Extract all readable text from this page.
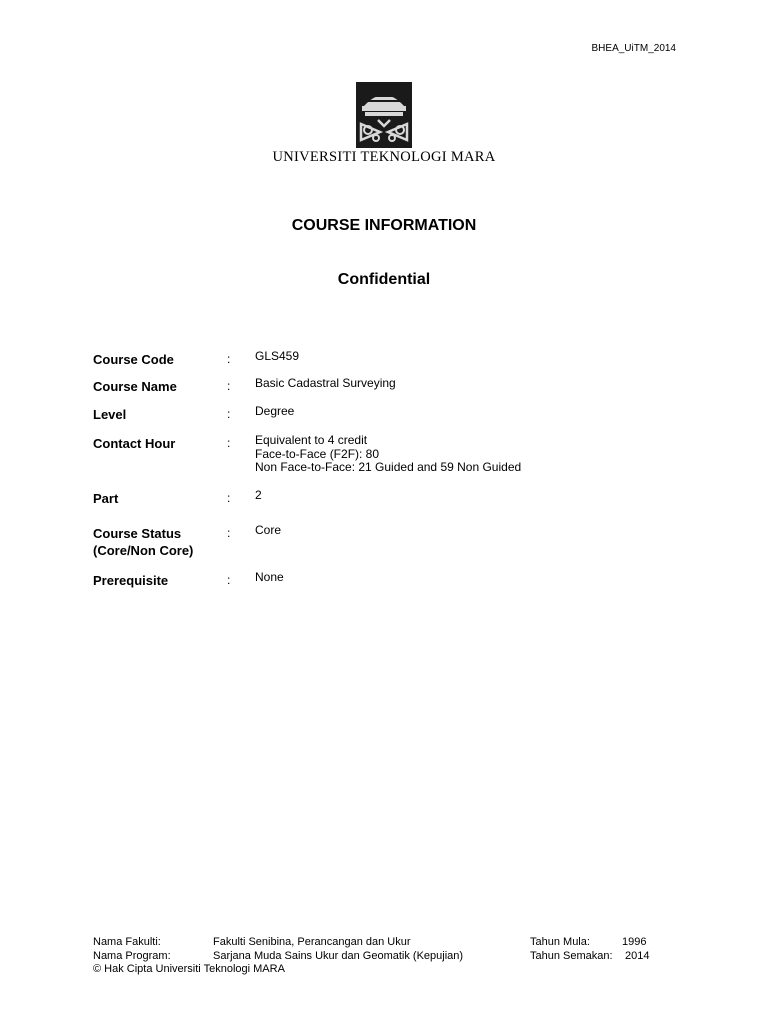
BHEA_UiTM_2014
UNIVERSITI TEKNOLOGI MARA
COURSE INFORMATION
Confidential
Course Code	: GLS459
Course Name	: Basic Cadastral Surveying
Level	: Degree
Contact Hour	: Equivalent to 4 credit
Face-to-Face (F2F): 80
Non Face-to-Face: 21 Guided and 59 Non Guided
Part	: 2
Course Status
(Core/Non Core)
: Core
Prerequisite	: None
Nama Fakulti:	Fakulti Senibina, Perancangan dan Ukur	Tahun Mula:	1996
Nama Program:	Sarjana Muda Sains Ukur dan Geomatik (Kepujian)	Tahun Semakan: 2014
© Hak Cipta Universiti Teknologi MARA
